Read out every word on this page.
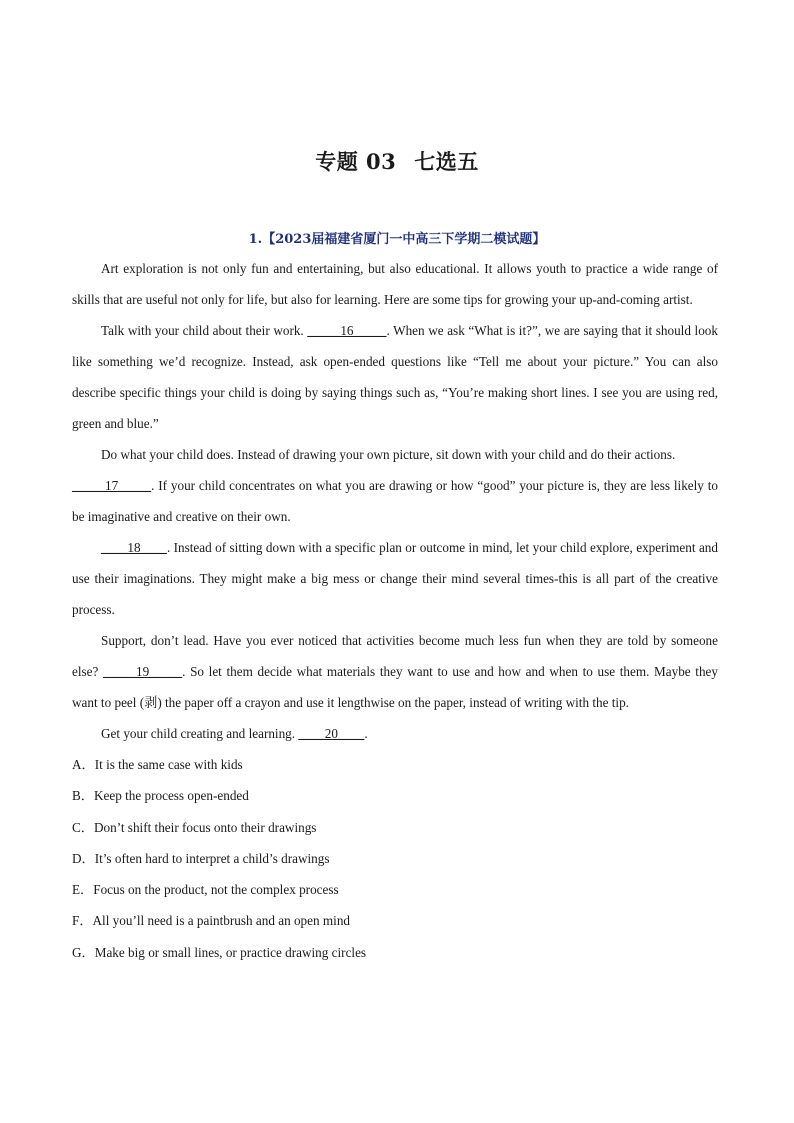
专题 03 七选五
1.【2023届福建省厦门一中高三下学期二模试题】

Art exploration is not only fun and entertaining, but also educational. It allows youth to practice a wide range of skills that are useful not only for life, but also for learning. Here are some tips for growing your up-and-coming artist.

Talk with your child about their work. _____16_____. When we ask “What is it?”, we are saying that it should look like something we’d recognize. Instead, ask open-ended questions like “Tell me about your picture.” You can also describe specific things your child is doing by saying things such as, “You’re making short lines. I see you are using red, green and blue.”

Do what your child does. Instead of drawing your own picture, sit down with your child and do their actions.
_____17_____. If your child concentrates on what you are drawing or how “good” your picture is, they are less likely to be imaginative and creative on their own.

____18____. Instead of sitting down with a specific plan or outcome in mind, let your child explore, experiment and use their imaginations. They might make a big mess or change their mind several times-this is all part of the creative process.

Support, don’t lead. Have you ever noticed that activities become much less fun when they are told by someone else? _____19_____. So let them decide what materials they want to use and how and when to use them. Maybe they want to peel (剥) the paper off a crayon and use it lengthwise on the paper, instead of writing with the tip.

Get your child creating and learning. ____20____.

A．It is the same case with kids
B．Keep the process open-ended
C．Don’t shift their focus onto their drawings
D．It’s often hard to interpret a child’s drawings
E．Focus on the product, not the complex process
F．All you’ll need is a paintbrush and an open mind
G．Make big or small lines, or practice drawing circles
